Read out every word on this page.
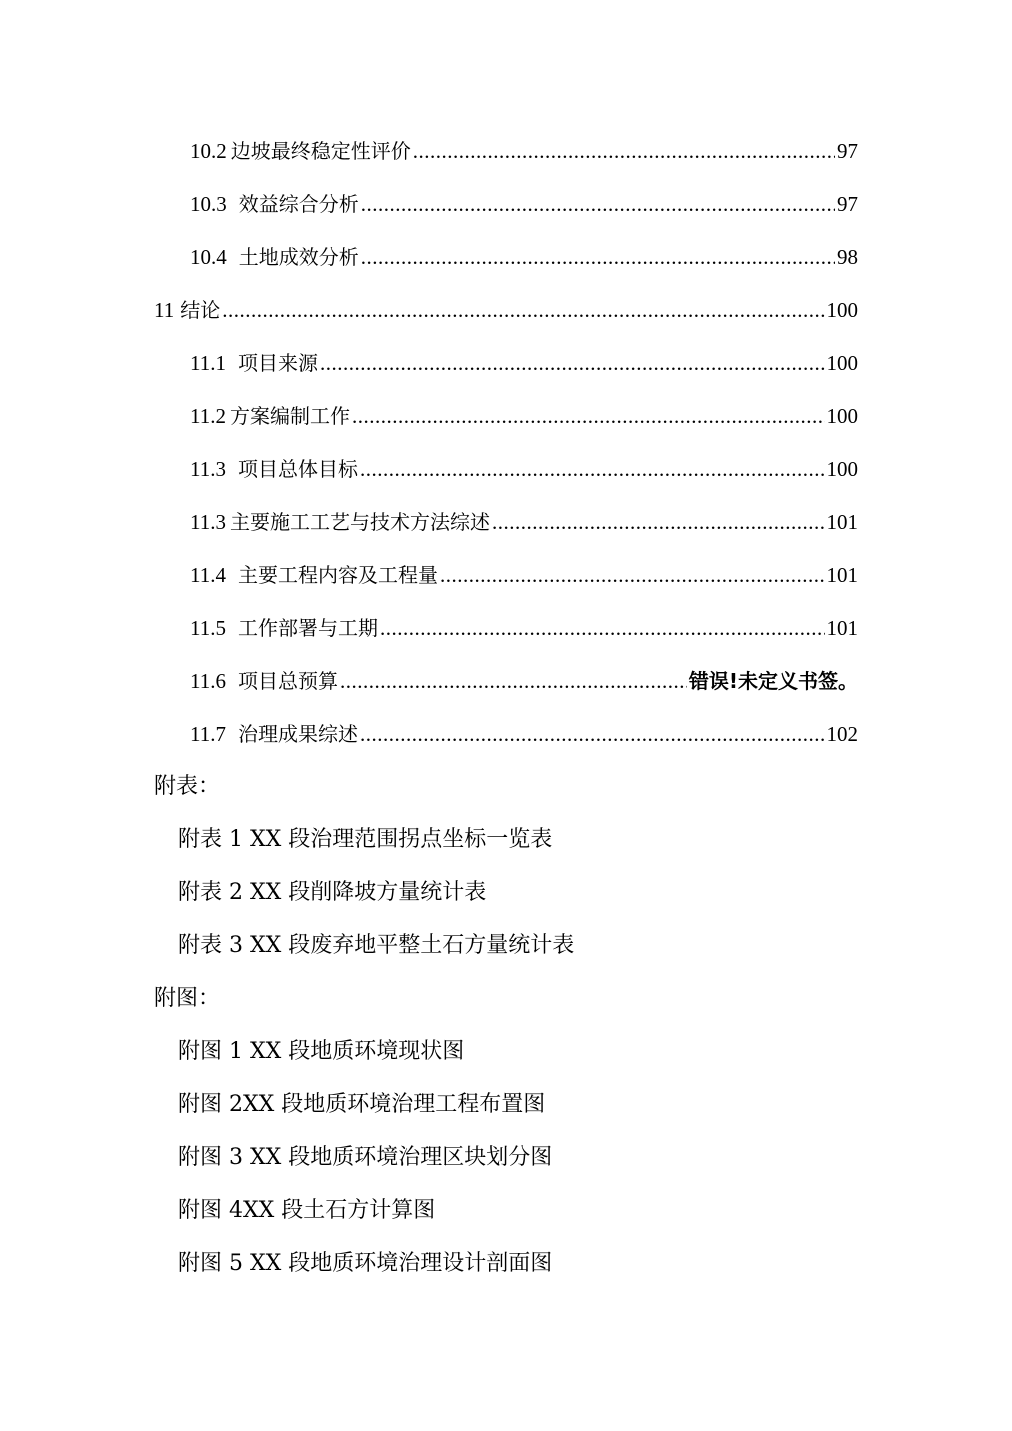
10.2 边坡最终稳定性评价 .....	97
10.3 效益综合分析 .....	97
10.4 土地成效分析 .....	98
11 结论 .....	100
11.1 项目来源 .....	100
11.2 方案编制工作 .....	100
11.3 项目总体目标 .....	100
11.3 主要施工工艺与技术方法综述 .....	101
11.4 主要工程内容及工程量 .....	101
11.5 工作部署与工期 .....	101
11.6 项目总预算 .....	错误!未定义书签。
11.7 治理成果综述 .....	102
附表：
附表 1 XX 段治理范围拐点坐标一览表
附表 2 XX 段削降坡方量统计表
附表 3 XX 段废弃地平整土石方量统计表
附图：
附图 1 XX 段地质环境现状图
附图 2XX 段地质环境治理工程布置图
附图 3 XX 段地质环境治理区块划分图
附图 4XX 段土石方计算图
附图 5 XX 段地质环境治理设计剖面图
